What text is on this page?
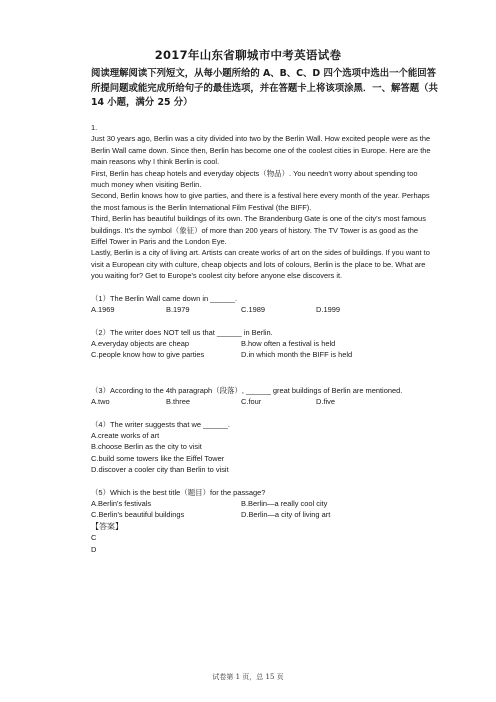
2017年山东省聊城市中考英语试卷
阅读理解阅读下列短文，从每小题所给的 A、B、C、D 四个选项中选出一个能回答所提问题或能完成所给句子的最佳选项，并在答题卡上将该项涂黑．一、解答题（共 14 小题，满分 25 分）

1.

Just 30 years ago, Berlin was a city divided into two by the Berlin Wall. How excited people were as the Berlin Wall came down. Since then, Berlin has become one of the coolest cities in Europe. Here are the main reasons why I think Berlin is cool.

First, Berlin has cheap hotels and everyday objects（物品）. You needn't worry about spending too much money when visiting Berlin.

Second, Berlin knows how to give parties, and there is a festival here every month of the year. Perhaps the most famous is the Berlin International Film Festival (the BIFF).

Third, Berlin has beautiful buildings of its own. The Brandenburg Gate is one of the city's most famous buildings. It's the symbol（象征）of more than 200 years of history. The TV Tower is as good as the Eiffel Tower in Paris and the London Eye.

Lastly, Berlin is a city of living art. Artists can create works of art on the sides of buildings. If you want to visit a European city with culture, cheap objects and lots of colours, Berlin is the place to be. What are you waiting for? Get to Europe's coolest city before anyone else discovers it.

（1）The Berlin Wall came down in ______.

A.1969	B.1979	C.1989	D.1999

（2）The writer does NOT tell us that ______ in Berlin.

A.everyday objects are cheap	B.how often a festival is held
C.people know how to give parties	D.in which month the BIFF is held

（3）According to the 4th paragraph（段落）, ______ great buildings of Berlin are mentioned.

A.two	B.three	C.four	D.five

（4）The writer suggests that we ______.

A.create works of art

B.choose Berlin as the city to visit

C.build some towers like the Eiffel Tower

D.discover a cooler city than Berlin to visit

（5）Which is the best title（题目）for the passage?

A.Berlin's festivals	B.Berlin—a really cool city
C.Berlin's beautiful buildings	D.Berlin—a city of living art

【答案】

C

D

试卷第 1 页，总 15 页
